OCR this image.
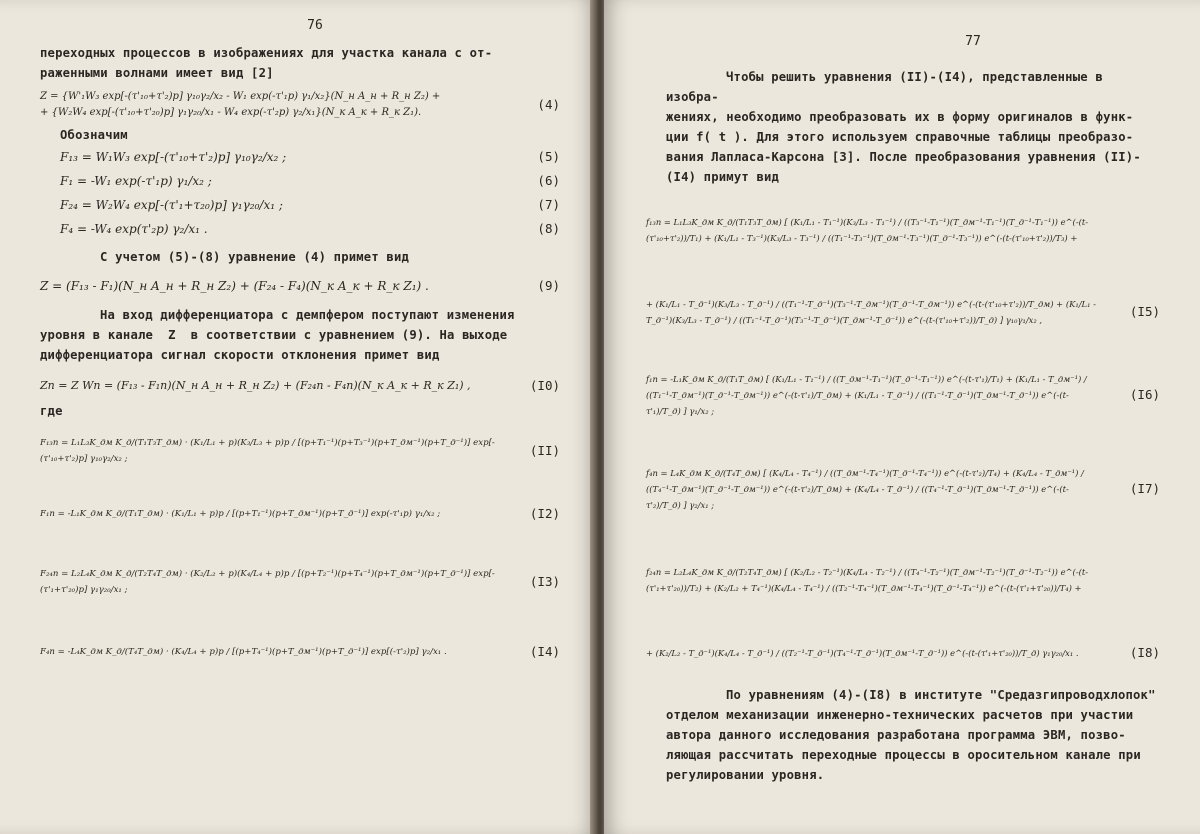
76

переходных процессов в изображениях для участка канала с от-

раженными волнами имеет вид [2]

Z = {W'₁W₃ exp[-(τ'₁₀+τ'₂)p] γ₁₀γ₂/x₂ - W₁ exp(-τ'₁p) γ₁/x₂}(N_н A_н + R_н Z₂) +
+ {W₂W₄ exp[-(τ'₁₀+τ'₂₀)p] γ₁γ₂₀/x₁ - W₄ exp(-τ'₂p) γ₂/x₁}(N_к A_к + R_к Z₁).
(4)

Обозначим

F₁₃ = W₁W₃ exp[-(τ'₁₀+τ'₂)p] γ₁₀γ₂/x₂ ;	(5)
F₁ = -W₁ exp(-τ'₁p) γ₁/x₂ ;	(6)
F₂₄ = W₂W₄ exp[-(τ'₁+τ₂₀)p] γ₁γ₂₀/x₁ ;	(7)
F₄ = -W₄ exp(τ'₂p) γ₂/x₁ .	(8)

С учетом (5)-(8) уравнение (4) примет вид

Z = (F₁₃ - F₁)(N_н A_н + R_н Z₂) + (F₂₄ - F₄)(N_к A_к + R_к Z₁) .	(9)

На вход дифференциатора с демпфером поступают изменения

уровня в канале  Z  в соответствии с уравнением (9). На выходе

дифференциатора сигнал скорости отклонения примет вид

Zп = Z Wп = (F₁₃ - F₁п)(N_н A_н + R_н Z₂) + (F₂₄п - F₄п)(N_к A_к + R_к Z₁) ,	(I0)

где

F₁₃п = L₁L₃K_дм K_д/(T₁T₃T_дм) · (K₁/L₁ + p)(K₃/L₃ + p)p / [(p+T₁⁻¹)(p+T₃⁻¹)(p+T_дм⁻¹)(p+T_д⁻¹)] exp[-(τ'₁₀+τ'₂)p] γ₁₀γ₂/x₂ ;
(II)
F₁п = -L₁K_дм K_д/(T₁T_дм) · (K₁/L₁ + p)p / [(p+T₁⁻¹)(p+T_дм⁻¹)(p+T_д⁻¹)] exp(-τ'₁p) γ₁/x₂ ;	(I2)
F₂₄п = L₂L₄K_дм K_д/(T₂T₄T_дм) · (K₂/L₂ + p)(K₄/L₄ + p)p / [(p+T₂⁻¹)(p+T₄⁻¹)(p+T_дм⁻¹)(p+T_д⁻¹)] exp[-(τ'₁+τ'₂₀)p] γ₁γ₂₀/x₁ ;
(I3)
F₄п = -L₄K_дм K_д/(T₄T_дм) · (K₄/L₄ + p)p / [(p+T₄⁻¹)(p+T_дм⁻¹)(p+T_д⁻¹)] exp[(-τ'₂)p] γ₂/x₁ .	(I4)
77

Чтобы решить уравнения (II)-(I4), представленные в изобра-

жениях, необходимо преобразовать их в форму оригиналов в функ-

ции f( t ). Для этого используем справочные таблицы преобразо-

вания Лапласа-Карсона [3]. После преобразования уравнения (II)-

(I4) примут вид

f₁₃п = L₁L₃K_дм K_д/(T₁T₃T_дм) [ (K₁/L₁ - T₁⁻¹)(K₃/L₃ - T₁⁻¹) / ((T₃⁻¹-T₁⁻¹)(T_дм⁻¹-T₁⁻¹)(T_д⁻¹-T₁⁻¹)) e^(-(t-(τ'₁₀+τ'₂))/T₁) + (K₁/L₁ - T₃⁻¹)(K₃/L₃ - T₃⁻¹) / ((T₁⁻¹-T₃⁻¹)(T_дм⁻¹-T₃⁻¹)(T_д⁻¹-T₃⁻¹)) e^(-(t-(τ'₁₀+τ'₂))/T₃) +
+ (K₁/L₁ - T_д⁻¹)(K₃/L₃ - T_д⁻¹) / ((T₁⁻¹-T_д⁻¹)(T₃⁻¹-T_дм⁻¹)(T_д⁻¹-T_дм⁻¹)) e^(-(t-(τ'₁₀+τ'₂))/T_дм) + (K₁/L₁ - T_д⁻¹)(K₃/L₃ - T_д⁻¹) / ((T₁⁻¹-T_д⁻¹)(T₃⁻¹-T_д⁻¹)(T_дм⁻¹-T_д⁻¹)) e^(-(t-(τ'₁₀+τ'₂))/T_д) ] γ₁₀γ₁/x₂ ,
(I5)
f₁п = -L₁K_дм K_д/(T₁T_дм) [ (K₁/L₁ - T₁⁻¹) / ((T_дм⁻¹-T₁⁻¹)(T_д⁻¹-T₁⁻¹)) e^(-(t-τ'₁)/T₁) + (K₁/L₁ - T_дм⁻¹) / ((T₁⁻¹-T_дм⁻¹)(T_д⁻¹-T_дм⁻¹)) e^(-(t-τ'₁)/T_дм) + (K₁/L₁ - T_д⁻¹) / ((T₁⁻¹-T_д⁻¹)(T_дм⁻¹-T_д⁻¹)) e^(-(t-τ'₁)/T_д) ] γ₁/x₂ ;
(I6)
f₄п = L₄K_дм K_д/(T₄T_дм) [ (K₄/L₄ - T₄⁻¹) / ((T_дм⁻¹-T₄⁻¹)(T_д⁻¹-T₄⁻¹)) e^(-(t-τ'₂)/T₄) + (K₄/L₄ - T_дм⁻¹) / ((T₄⁻¹-T_дм⁻¹)(T_д⁻¹-T_дм⁻¹)) e^(-(t-τ'₂)/T_дм) + (K₄/L₄ - T_д⁻¹) / ((T₄⁻¹-T_д⁻¹)(T_дм⁻¹-T_д⁻¹)) e^(-(t-τ'₂)/T_д) ] γ₂/x₁ ;
(I7)
f₂₄п = L₂L₄K_дм K_д/(T₂T₄T_дм) [ (K₂/L₂ - T₂⁻¹)(K₄/L₄ - T₂⁻¹) / ((T₄⁻¹-T₂⁻¹)(T_дм⁻¹-T₂⁻¹)(T_д⁻¹-T₂⁻¹)) e^(-(t-(τ'₁+τ'₂₀))/T₂) + (K₂/L₂ + T₄⁻¹)(K₄/L₄ - T₄⁻¹) / ((T₂⁻¹-T₄⁻¹)(T_дм⁻¹-T₄⁻¹)(T_д⁻¹-T₄⁻¹)) e^(-(t-(τ'₁+τ'₂₀))/T₄) +
+ (K₂/L₂ - T_д⁻¹)(K₄/L₄ - T_д⁻¹) / ((T₂⁻¹-T_д⁻¹)(T₄⁻¹-T_д⁻¹)(T_дм⁻¹-T_д⁻¹)) e^(-(t-(τ'₁+τ'₂₀))/T_д) γ₁γ₂₀/x₁ .	(I8)

По уравнениям (4)-(I8) в институте "Средазгипроводхлопок"

отделом механизации инженерно-технических расчетов при участии

автора данного исследования разработана программа ЭВМ, позво-

ляющая рассчитать переходные процессы в оросительном канале при

регулировании уровня.
